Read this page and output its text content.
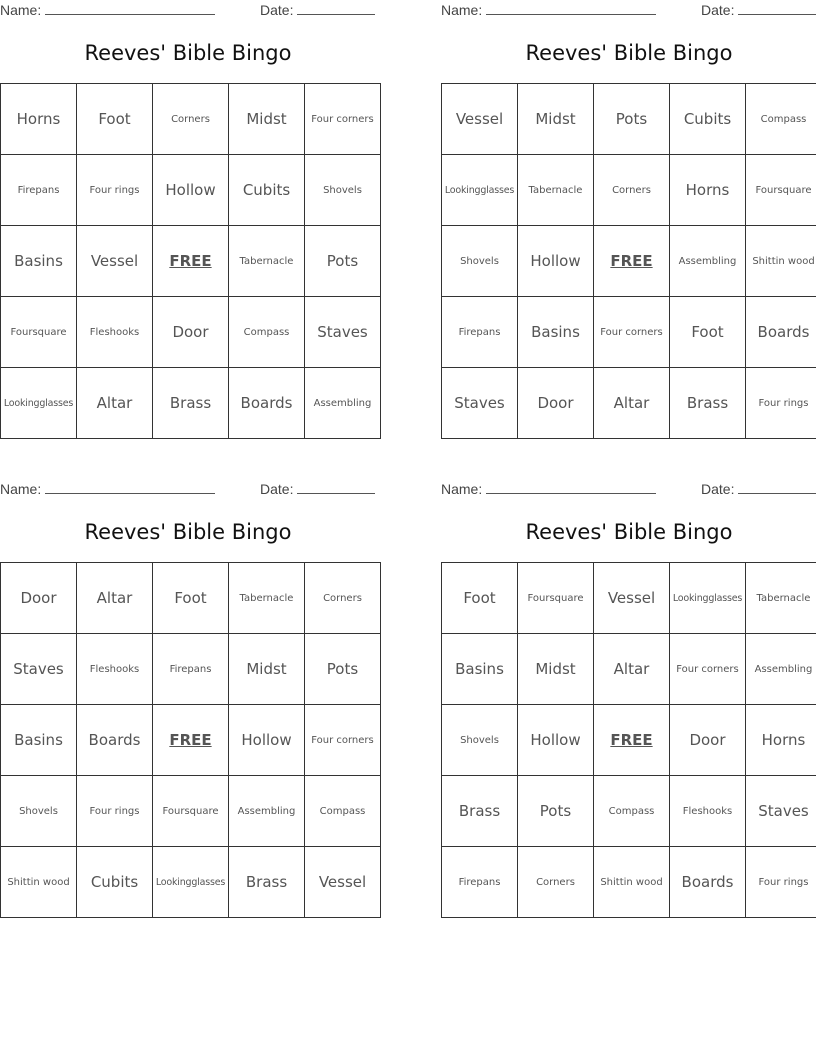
Name:	Date:
Reeves' Bible Bingo
Horns	Foot	Corners	Midst	Four corners
Firepans	Four rings	Hollow	Cubits	Shovels
Basins	Vessel	FREE	Tabernacle	Pots
Foursquare	Fleshooks	Door	Compass	Staves
Lookingglasses	Altar	Brass	Boards	Assembling
Name:	Date:
Reeves' Bible Bingo
Vessel	Midst	Pots	Cubits	Compass
Lookingglasses	Tabernacle	Corners	Horns	Foursquare
Shovels	Hollow	FREE	Assembling	Shittin wood
Firepans	Basins	Four corners	Foot	Boards
Staves	Door	Altar	Brass	Four rings
Name:	Date:
Reeves' Bible Bingo
Door	Altar	Foot	Tabernacle	Corners
Staves	Fleshooks	Firepans	Midst	Pots
Basins	Boards	FREE	Hollow	Four corners
Shovels	Four rings	Foursquare	Assembling	Compass
Shittin wood	Cubits	Lookingglasses	Brass	Vessel
Name:	Date:
Reeves' Bible Bingo
Foot	Foursquare	Vessel	Lookingglasses	Tabernacle
Basins	Midst	Altar	Four corners	Assembling
Shovels	Hollow	FREE	Door	Horns
Brass	Pots	Compass	Fleshooks	Staves
Firepans	Corners	Shittin wood	Boards	Four rings
